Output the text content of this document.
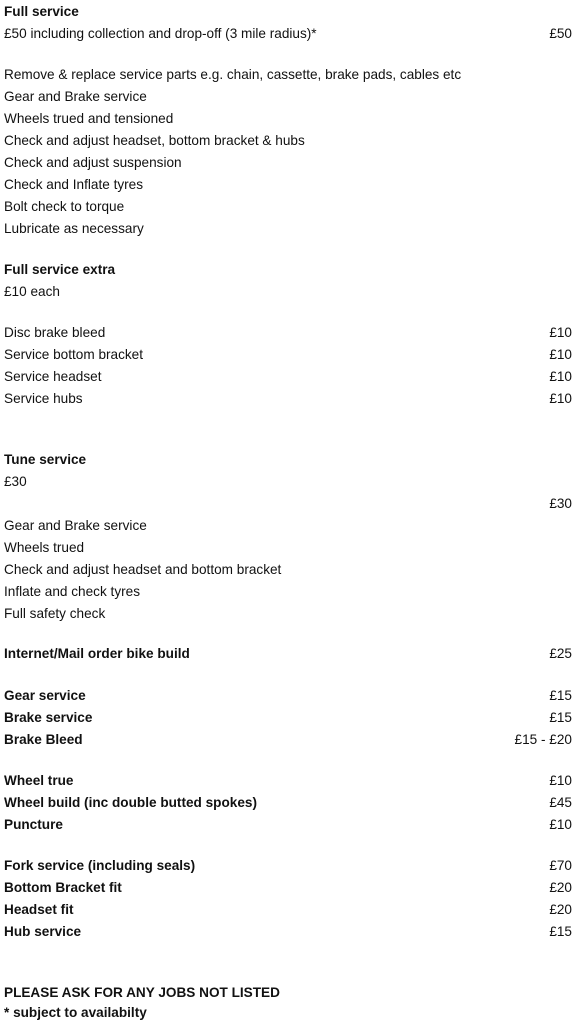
Full service
£50 including collection and drop-off (3 mile radius)*	£50
Remove & replace service parts e.g. chain, cassette, brake pads, cables etc
Gear and Brake service
Wheels trued and tensioned
Check and adjust headset, bottom bracket & hubs
Check and adjust suspension
Check and Inflate tyres
Bolt check to torque
Lubricate as necessary
Full service extra
£10 each
Disc brake bleed	£10
Service bottom bracket	£10
Service headset	£10
Service hubs	£10
Tune service
£30
£30
Gear and Brake service
Wheels trued
Check and adjust headset and bottom bracket
Inflate and check tyres
Full safety check
Internet/Mail order bike build	£25
Gear service	£15
Brake service	£15
Brake Bleed	£15 - £20
Wheel true	£10
Wheel build (inc double butted spokes)	£45
Puncture	£10
Fork service (including seals)	£70
Bottom Bracket fit	£20
Headset fit	£20
Hub service	£15
PLEASE ASK FOR ANY JOBS NOT LISTED
* subject to availabilty
